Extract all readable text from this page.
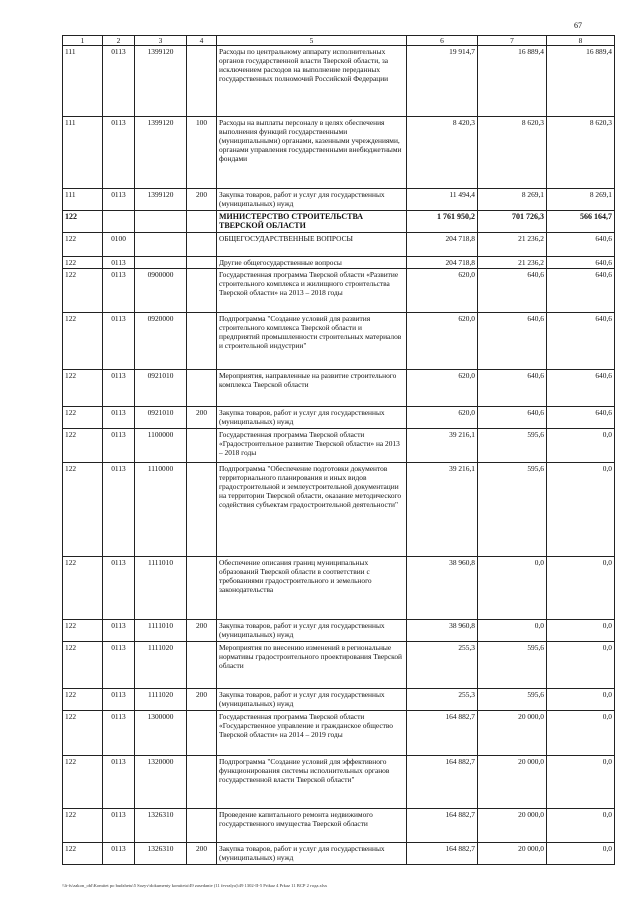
67
1	2	3	4	5	6	7	8
111	0113	1399120		Расходы по центральному аппарату исполнительных органов государственной власти Тверской области, за исключением расходов на выполнение переданных государственных полномочий Российской Федерации	19 914,7	16 889,4	16 889,4
111	0113	1399120	100	Расходы на выплаты персоналу в целях обеспечения выполнения функций государственными (муниципальными) органами, казенными учреждениями, органами управления государственными внебюджетными фондами	8 420,3	8 620,3	8 620,3
111	0113	1399120	200	Закупка товаров, работ и услуг для государственных (муниципальных) нужд	11 494,4	8 269,1	8 269,1
122				МИНИСТЕРСТВО СТРОИТЕЛЬСТВА ТВЕРСКОЙ ОБЛАСТИ	1 761 950,2	701 726,3	566 164,7
122	0100			ОБЩЕГОСУДАРСТВЕННЫЕ ВОПРОСЫ	204 718,8	21 236,2	640,6
122	0113			Другие общегосударственные вопросы	204 718,8	21 236,2	640,6
122	0113	0900000		Государственная программа Тверской области «Развитие строительного комплекса и жилищного строительства Тверской области» на 2013 – 2018 годы	620,0	640,6	640,6
122	0113	0920000		Подпрограмма "Создание условий для развития строительного комплекса Тверской области и предприятий промышленности строительных материалов и строительной индустрии"	620,0	640,6	640,6
122	0113	0921010		Мероприятия, направленные на развитие строительного комплекса Тверской области	620,0	640,6	640,6
122	0113	0921010	200	Закупка товаров, работ и услуг для государственных (муниципальных) нужд	620,0	640,6	640,6
122	0113	1100000		Государственная программа Тверской области «Градостроительное развитие Тверской области» на 2013 – 2018 годы	39 216,1	595,6	0,0
122	0113	1110000		Подпрограмма "Обеспечение подготовки документов территориального планирования и иных видов градостроительной и землеустроительной документации на территории Тверской области, оказание методического содействия субъектам градостроительной деятельности"	39 216,1	595,6	0,0
122	0113	1111010		Обеспечение описания границ муниципальных образований Тверской области в соответствии с требованиями градостроительного и земельного законодательства	38 960,8	0,0	0,0
122	0113	1111010	200	Закупка товаров, работ и услуг для государственных (муниципальных) нужд	38 960,8	0,0	0,0
122	0113	1111020		Мероприятия по внесению изменений в региональные нормативы градостроительного проектирования Тверской области	255,3	595,6	0,0
122	0113	1111020	200	Закупка товаров, работ и услуг для государственных (муниципальных) нужд	255,3	595,6	0,0
122	0113	1300000		Государственная программа Тверской области «Государственное управление и гражданское общество Тверской области» на 2014 – 2019 годы	164 882,7	20 000,0	0,0
122	0113	1320000		Подпрограмма "Создание условий для эффективного функционирования системы исполнительных органов государственной власти Тверской области"	164 882,7	20 000,0	0,0
122	0113	1326310		Проведение капитального ремонта недвижимого государственного имущества Тверской области	164 882,7	20 000,0	0,0
122	0113	1326310	200	Закупка товаров, работ и услуг для государственных (муниципальных) нужд	164 882,7	20 000,0	0,0
\\lt-fs\zakon_obl\Komitet po budzhetu\5 Sozyv\dokumenty komiteta\49 zasedanie (11 fevralya)\49 1302-II-5 Prikaz 4 Prkaz 11 ВСР 2 года.xlsx
